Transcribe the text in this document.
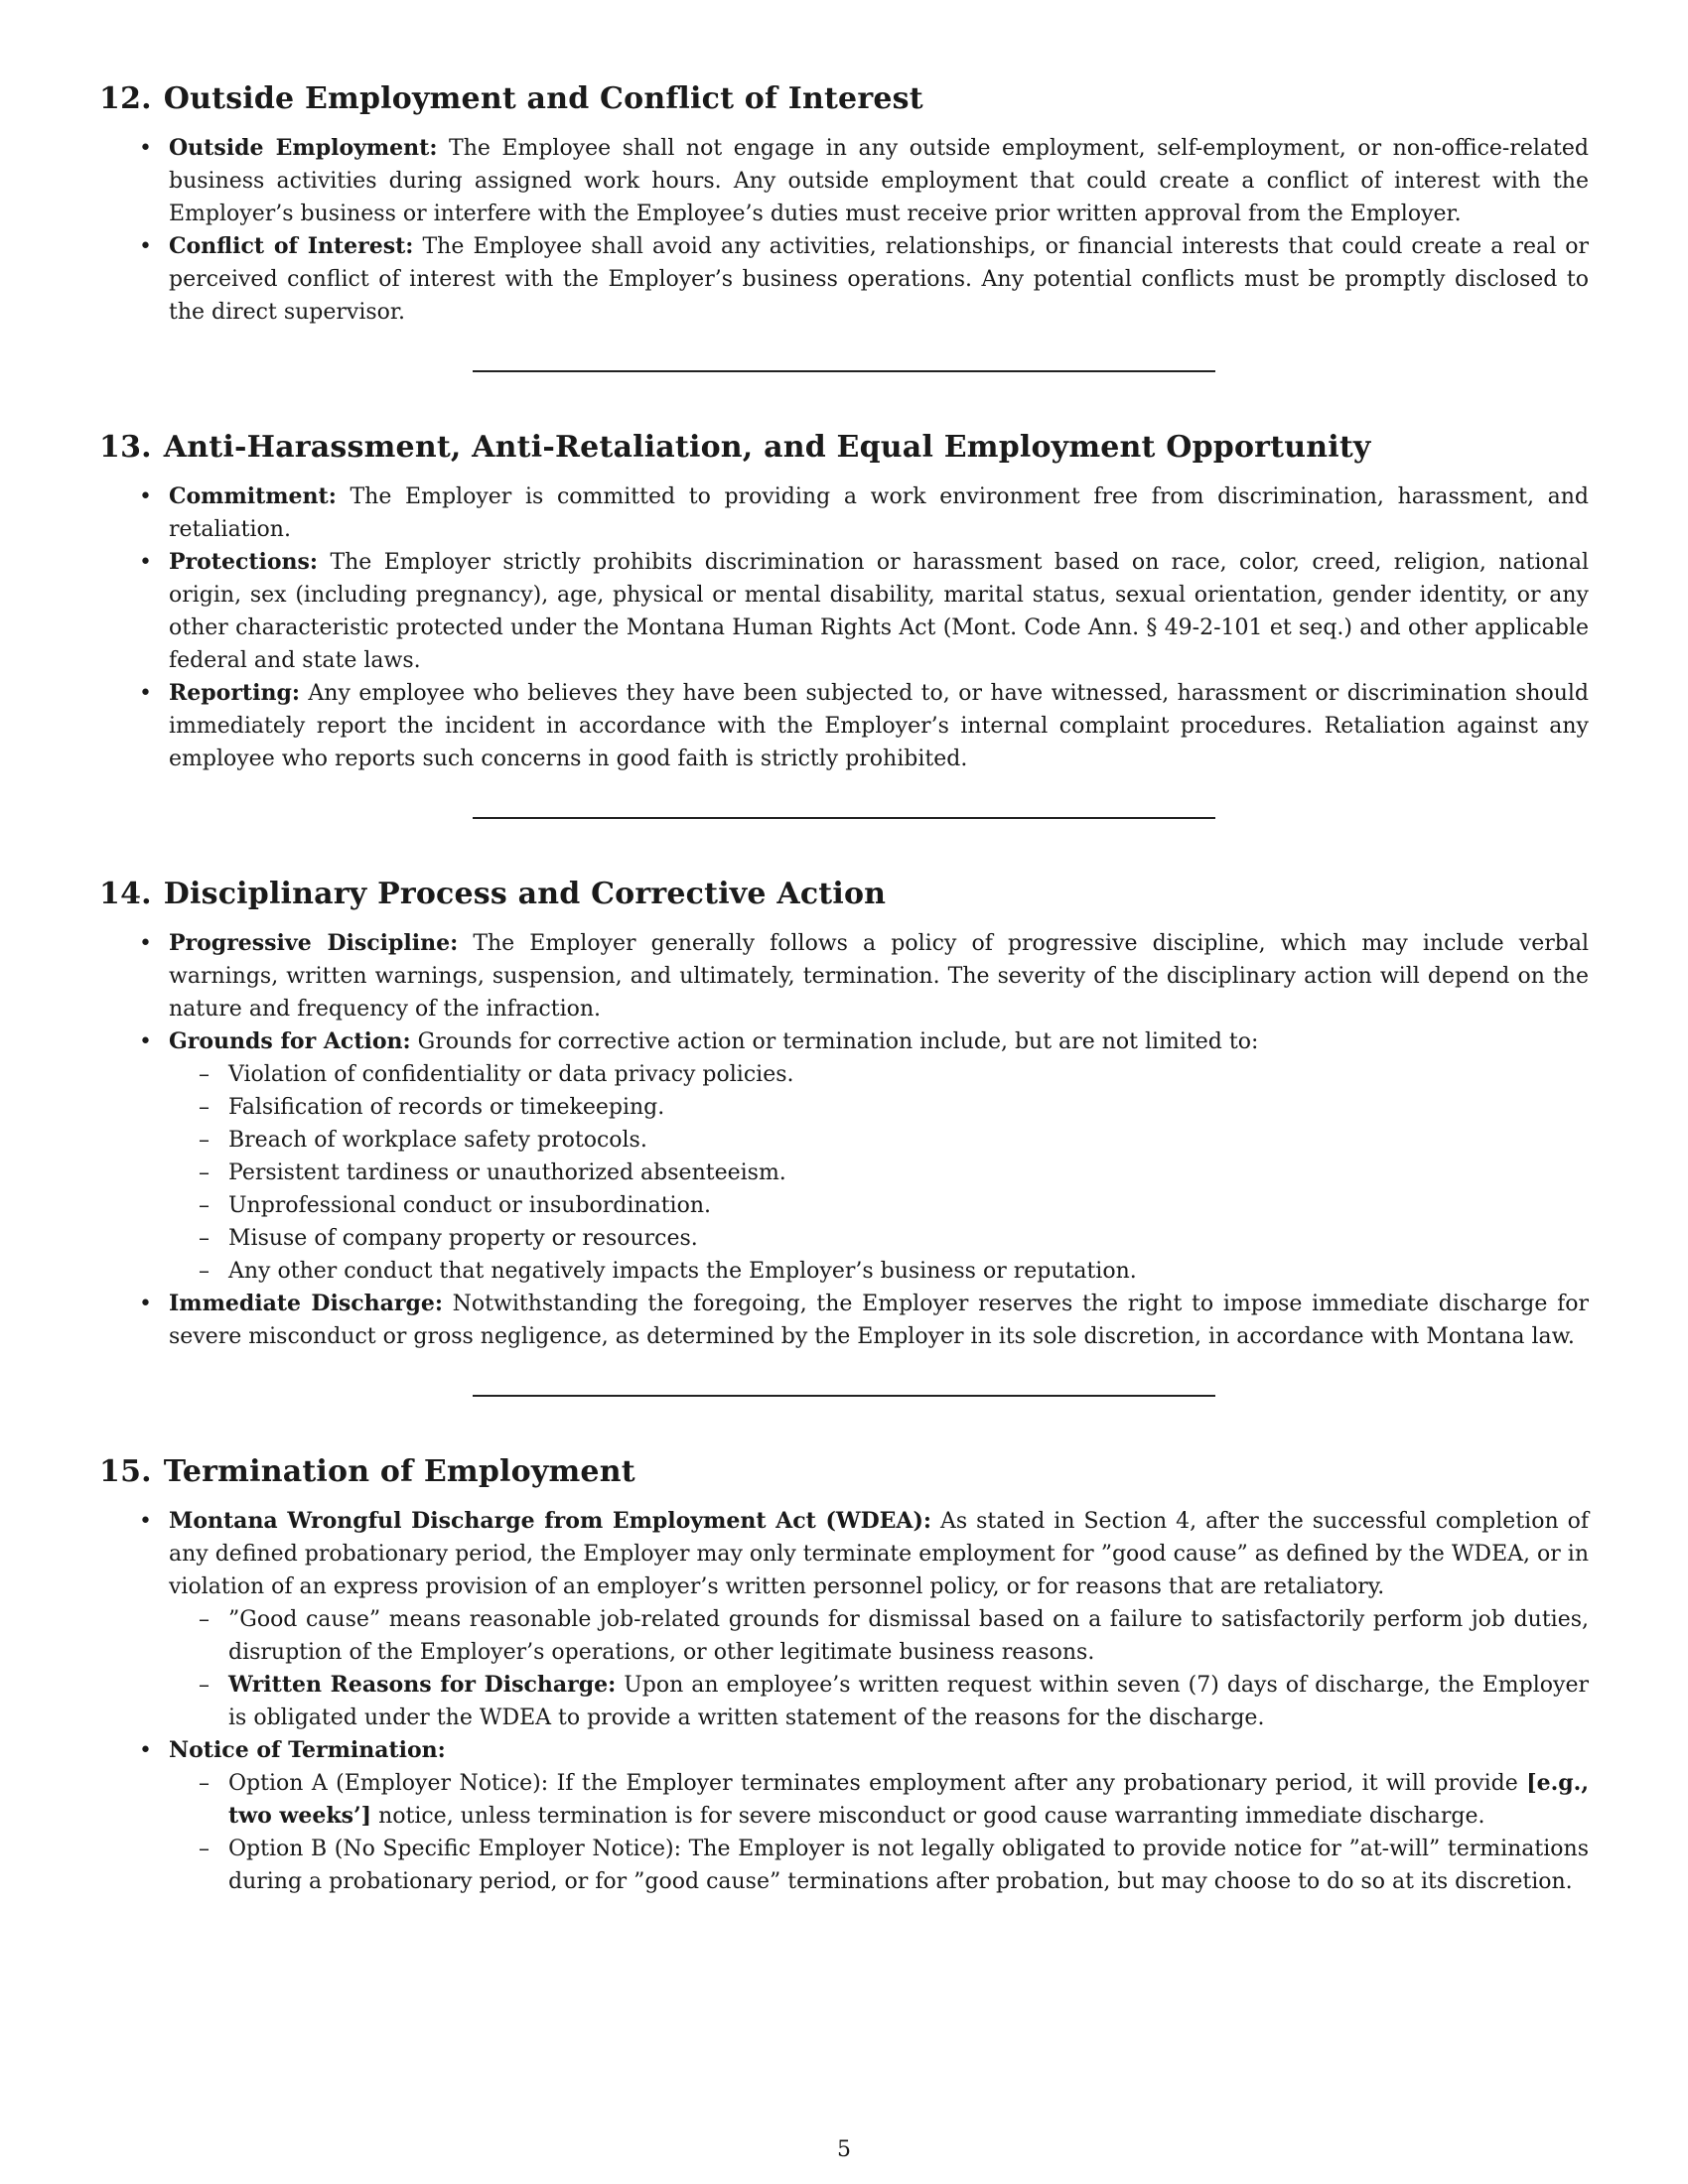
12. Outside Employment and Conflict of Interest
• Outside Employment: The Employee shall not engage in any outside employment, self-employment, or non-office-related business activities during assigned work hours. Any outside employment that could create a conflict of interest with the Employer’s business or interfere with the Employee’s duties must receive prior written approval from the Employer.
• Conflict of Interest: The Employee shall avoid any activities, relationships, or financial interests that could create a real or perceived conflict of interest with the Employer’s business operations. Any potential conflicts must be promptly disclosed to the direct supervisor.
13. Anti-Harassment, Anti-Retaliation, and Equal Employment Opportunity
• Commitment: The Employer is committed to providing a work environment free from discrimination, harassment, and retaliation.
• Protections: The Employer strictly prohibits discrimination or harassment based on race, color, creed, religion, national origin, sex (including pregnancy), age, physical or mental disability, marital status, sexual orientation, gender identity, or any other characteristic protected under the Montana Human Rights Act (Mont. Code Ann. § 49-2-101 et seq.) and other applicable federal and state laws.
• Reporting: Any employee who believes they have been subjected to, or have witnessed, harassment or discrimination should immediately report the incident in accordance with the Employer’s internal complaint procedures. Retaliation against any employee who reports such concerns in good faith is strictly prohibited.
14. Disciplinary Process and Corrective Action
• Progressive Discipline: The Employer generally follows a policy of progressive discipline, which may include verbal warnings, written warnings, suspension, and ultimately, termination. The severity of the disciplinary action will depend on the nature and frequency of the infraction.
• Grounds for Action: Grounds for corrective action or termination include, but are not limited to:
– Violation of confidentiality or data privacy policies.
– Falsification of records or timekeeping.
– Breach of workplace safety protocols.
– Persistent tardiness or unauthorized absenteeism.
– Unprofessional conduct or insubordination.
– Misuse of company property or resources.
– Any other conduct that negatively impacts the Employer’s business or reputation.
• Immediate Discharge: Notwithstanding the foregoing, the Employer reserves the right to impose immediate discharge for severe misconduct or gross negligence, as determined by the Employer in its sole discretion, in accordance with Montana law.
15. Termination of Employment
• Montana Wrongful Discharge from Employment Act (WDEA): As stated in Section 4, after the successful completion of any defined probationary period, the Employer may only terminate employment for ”good cause” as defined by the WDEA, or in violation of an express provision of an employer’s written personnel policy, or for reasons that are retaliatory.
– ”Good cause” means reasonable job-related grounds for dismissal based on a failure to satisfactorily perform job duties, disruption of the Employer’s operations, or other legitimate business reasons.
– Written Reasons for Discharge: Upon an employee’s written request within seven (7) days of discharge, the Employer is obligated under the WDEA to provide a written statement of the reasons for the discharge.
• Notice of Termination:
– Option A (Employer Notice): If the Employer terminates employment after any probationary period, it will provide [e.g., two weeks’] notice, unless termination is for severe misconduct or good cause warranting immediate discharge.
– Option B (No Specific Employer Notice): The Employer is not legally obligated to provide notice for ”at-will” terminations during a probationary period, or for ”good cause” terminations after probation, but may choose to do so at its discretion.
5
